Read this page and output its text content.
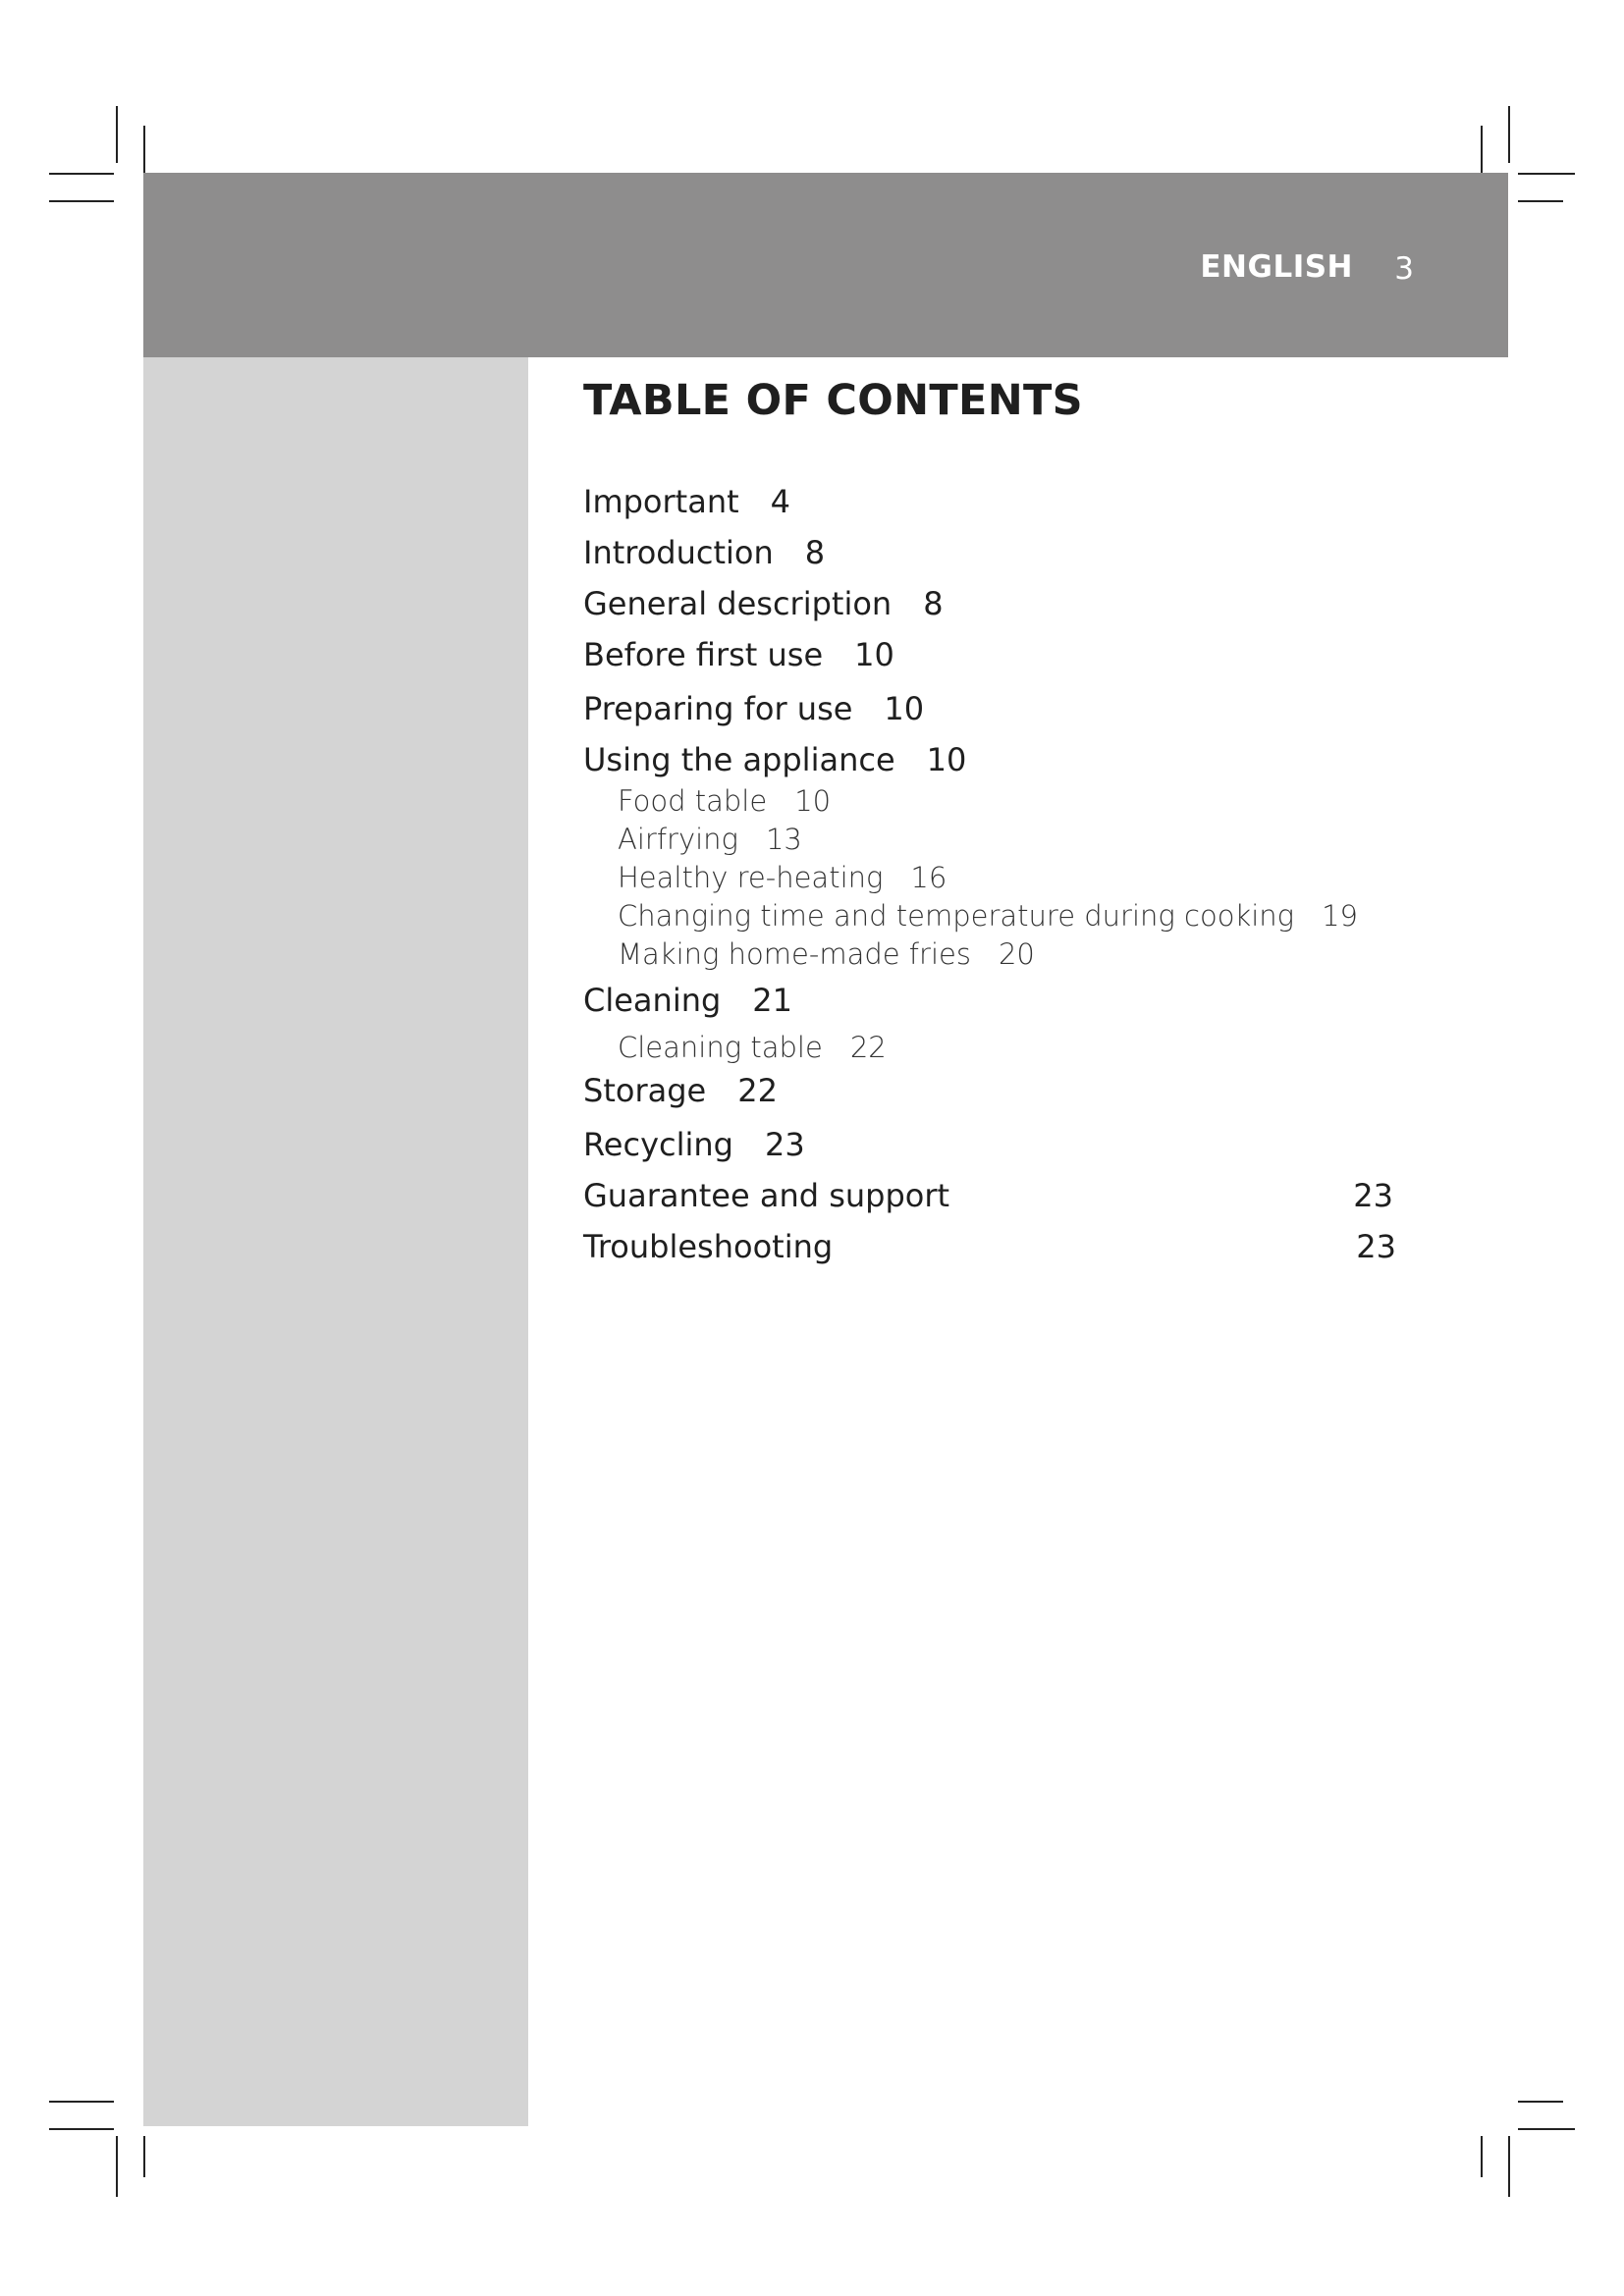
ENGLISH 3
TABLE OF CONTENTS
Important 4
Introduction 8
General description 8
Before first use 10
Preparing for use 10
Using the appliance 10
Food table 10
Airfrying 13
Healthy re-heating 16
Changing time and temperature during cooking 19
Making home-made fries 20
Cleaning 21
Cleaning table 22
Storage 22
Recycling 23
Guarantee and support	23
Troubleshooting	23
